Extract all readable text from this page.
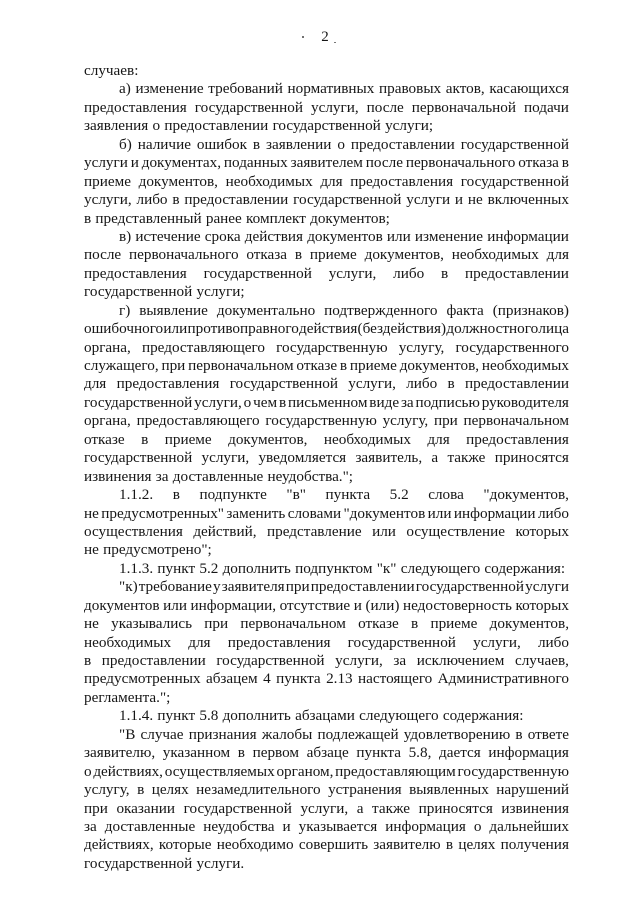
2
случаев:
а) изменение требований нормативных правовых актов, касающихся
предоставления государственной услуги, после первоначальной подачи
заявления о предоставлении государственной услуги;
б) наличие ошибок в заявлении о предоставлении государственной
услуги и документах, поданных заявителем после первоначального отказа в
приеме документов, необходимых для предоставления государственной
услуги, либо в предоставлении государственной услуги и не включенных
в представленный ранее комплект документов;
в) истечение срока действия документов или изменение информации
после первоначального отказа в приеме документов, необходимых для
предоставления государственной услуги, либо в предоставлении
государственной услуги;
г) выявление документально подтвержденного факта (признаков)
ошибочного или противоправного действия (бездействия) должностного лица
органа, предоставляющего государственную услугу, государственного
служащего, при первоначальном отказе в приеме документов, необходимых
для предоставления государственной услуги, либо в предоставлении
государственной услуги, о чем в письменном виде за подписью руководителя
органа, предоставляющего государственную услугу, при первоначальном
отказе в приеме документов, необходимых для предоставления
государственной услуги, уведомляется заявитель, а также приносятся
извинения за доставленные неудобства.";
1.1.2. в подпункте "в" пункта 5.2 слова "документов,
не предусмотренных" заменить словами "документов или информации либо
осуществления действий, представление или осуществление которых
не предусмотрено";
1.1.3. пункт 5.2 дополнить подпунктом "к" следующего содержания:
"к) требование у заявителя при предоставлении государственной услуги
документов или информации, отсутствие и (или) недостоверность которых
не указывались при первоначальном отказе в приеме документов,
необходимых для предоставления государственной услуги, либо
в предоставлении государственной услуги, за исключением случаев,
предусмотренных абзацем 4 пункта 2.13 настоящего Административного
регламента.";
1.1.4. пункт 5.8 дополнить абзацами следующего содержания:
"В случае признания жалобы подлежащей удовлетворению в ответе
заявителю, указанном в первом абзаце пункта 5.8, дается информация
о действиях, осуществляемых органом, предоставляющим государственную
услугу, в целях незамедлительного устранения выявленных нарушений
при оказании государственной услуги, а также приносятся извинения
за доставленные неудобства и указывается информация о дальнейших
действиях, которые необходимо совершить заявителю в целях получения
государственной услуги.
